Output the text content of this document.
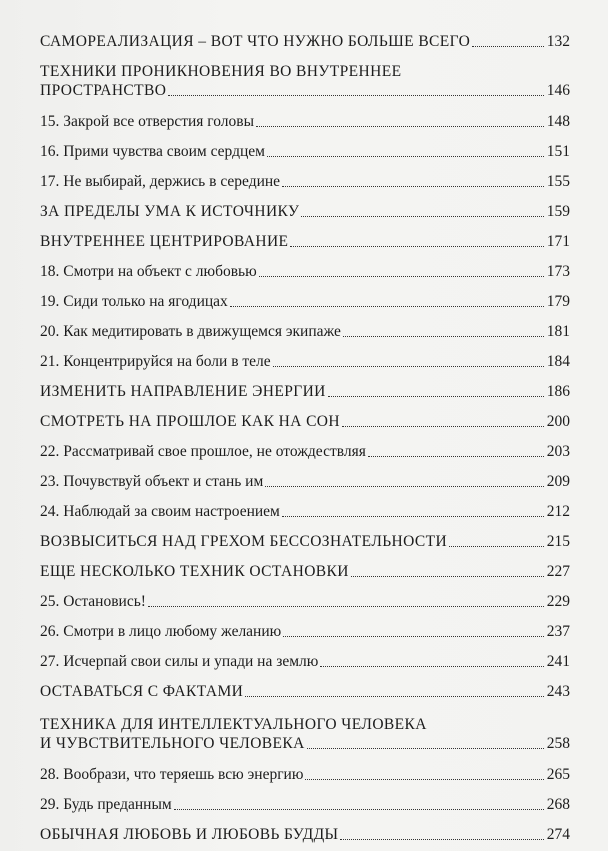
САМОРЕАЛИЗАЦИЯ – ВОТ ЧТО НУЖНО БОЛЬШЕ ВСЕГО	132
ТЕХНИКИ ПРОНИКНОВЕНИЯ ВО ВНУТРЕННЕЕ
ПРОСТРАНСТВО	146
15. Закрой все отверстия головы	148
16. Прими чувства своим сердцем	151
17. Не выбирай, держись в середине	155
ЗА ПРЕДЕЛЫ УМА К ИСТОЧНИКУ	159
ВНУТРЕННЕЕ ЦЕНТРИРОВАНИЕ	171
18. Смотри на объект с любовью	173
19. Сиди только на ягодицах	179
20. Как медитировать в движущемся экипаже	181
21. Концентрируйся на боли в теле	184
ИЗМЕНИТЬ НАПРАВЛЕНИЕ ЭНЕРГИИ	186
СМОТРЕТЬ НА ПРОШЛОЕ КАК НА СОН	200
22. Рассматривай свое прошлое, не отождествляя	203
23. Почувствуй объект и стань им	209
24. Наблюдай за своим настроением	212
ВОЗВЫСИТЬСЯ НАД ГРЕХОМ БЕССОЗНАТЕЛЬНОСТИ	215
ЕЩЕ НЕСКОЛЬКО ТЕХНИК ОСТАНОВКИ	227
25. Остановись!	229
26. Смотри в лицо любому желанию	237
27. Исчерпай свои силы и упади на землю	241
ОСТАВАТЬСЯ С ФАКТАМИ	243
ТЕХНИКА ДЛЯ ИНТЕЛЛЕКТУАЛЬНОГО ЧЕЛОВЕКА
И ЧУВСТВИТЕЛЬНОГО ЧЕЛОВЕКА	258
28. Вообрази, что теряешь всю энергию	265
29. Будь преданным	268
ОБЫЧНАЯ ЛЮБОВЬ И ЛЮБОВЬ БУДДЫ	274
